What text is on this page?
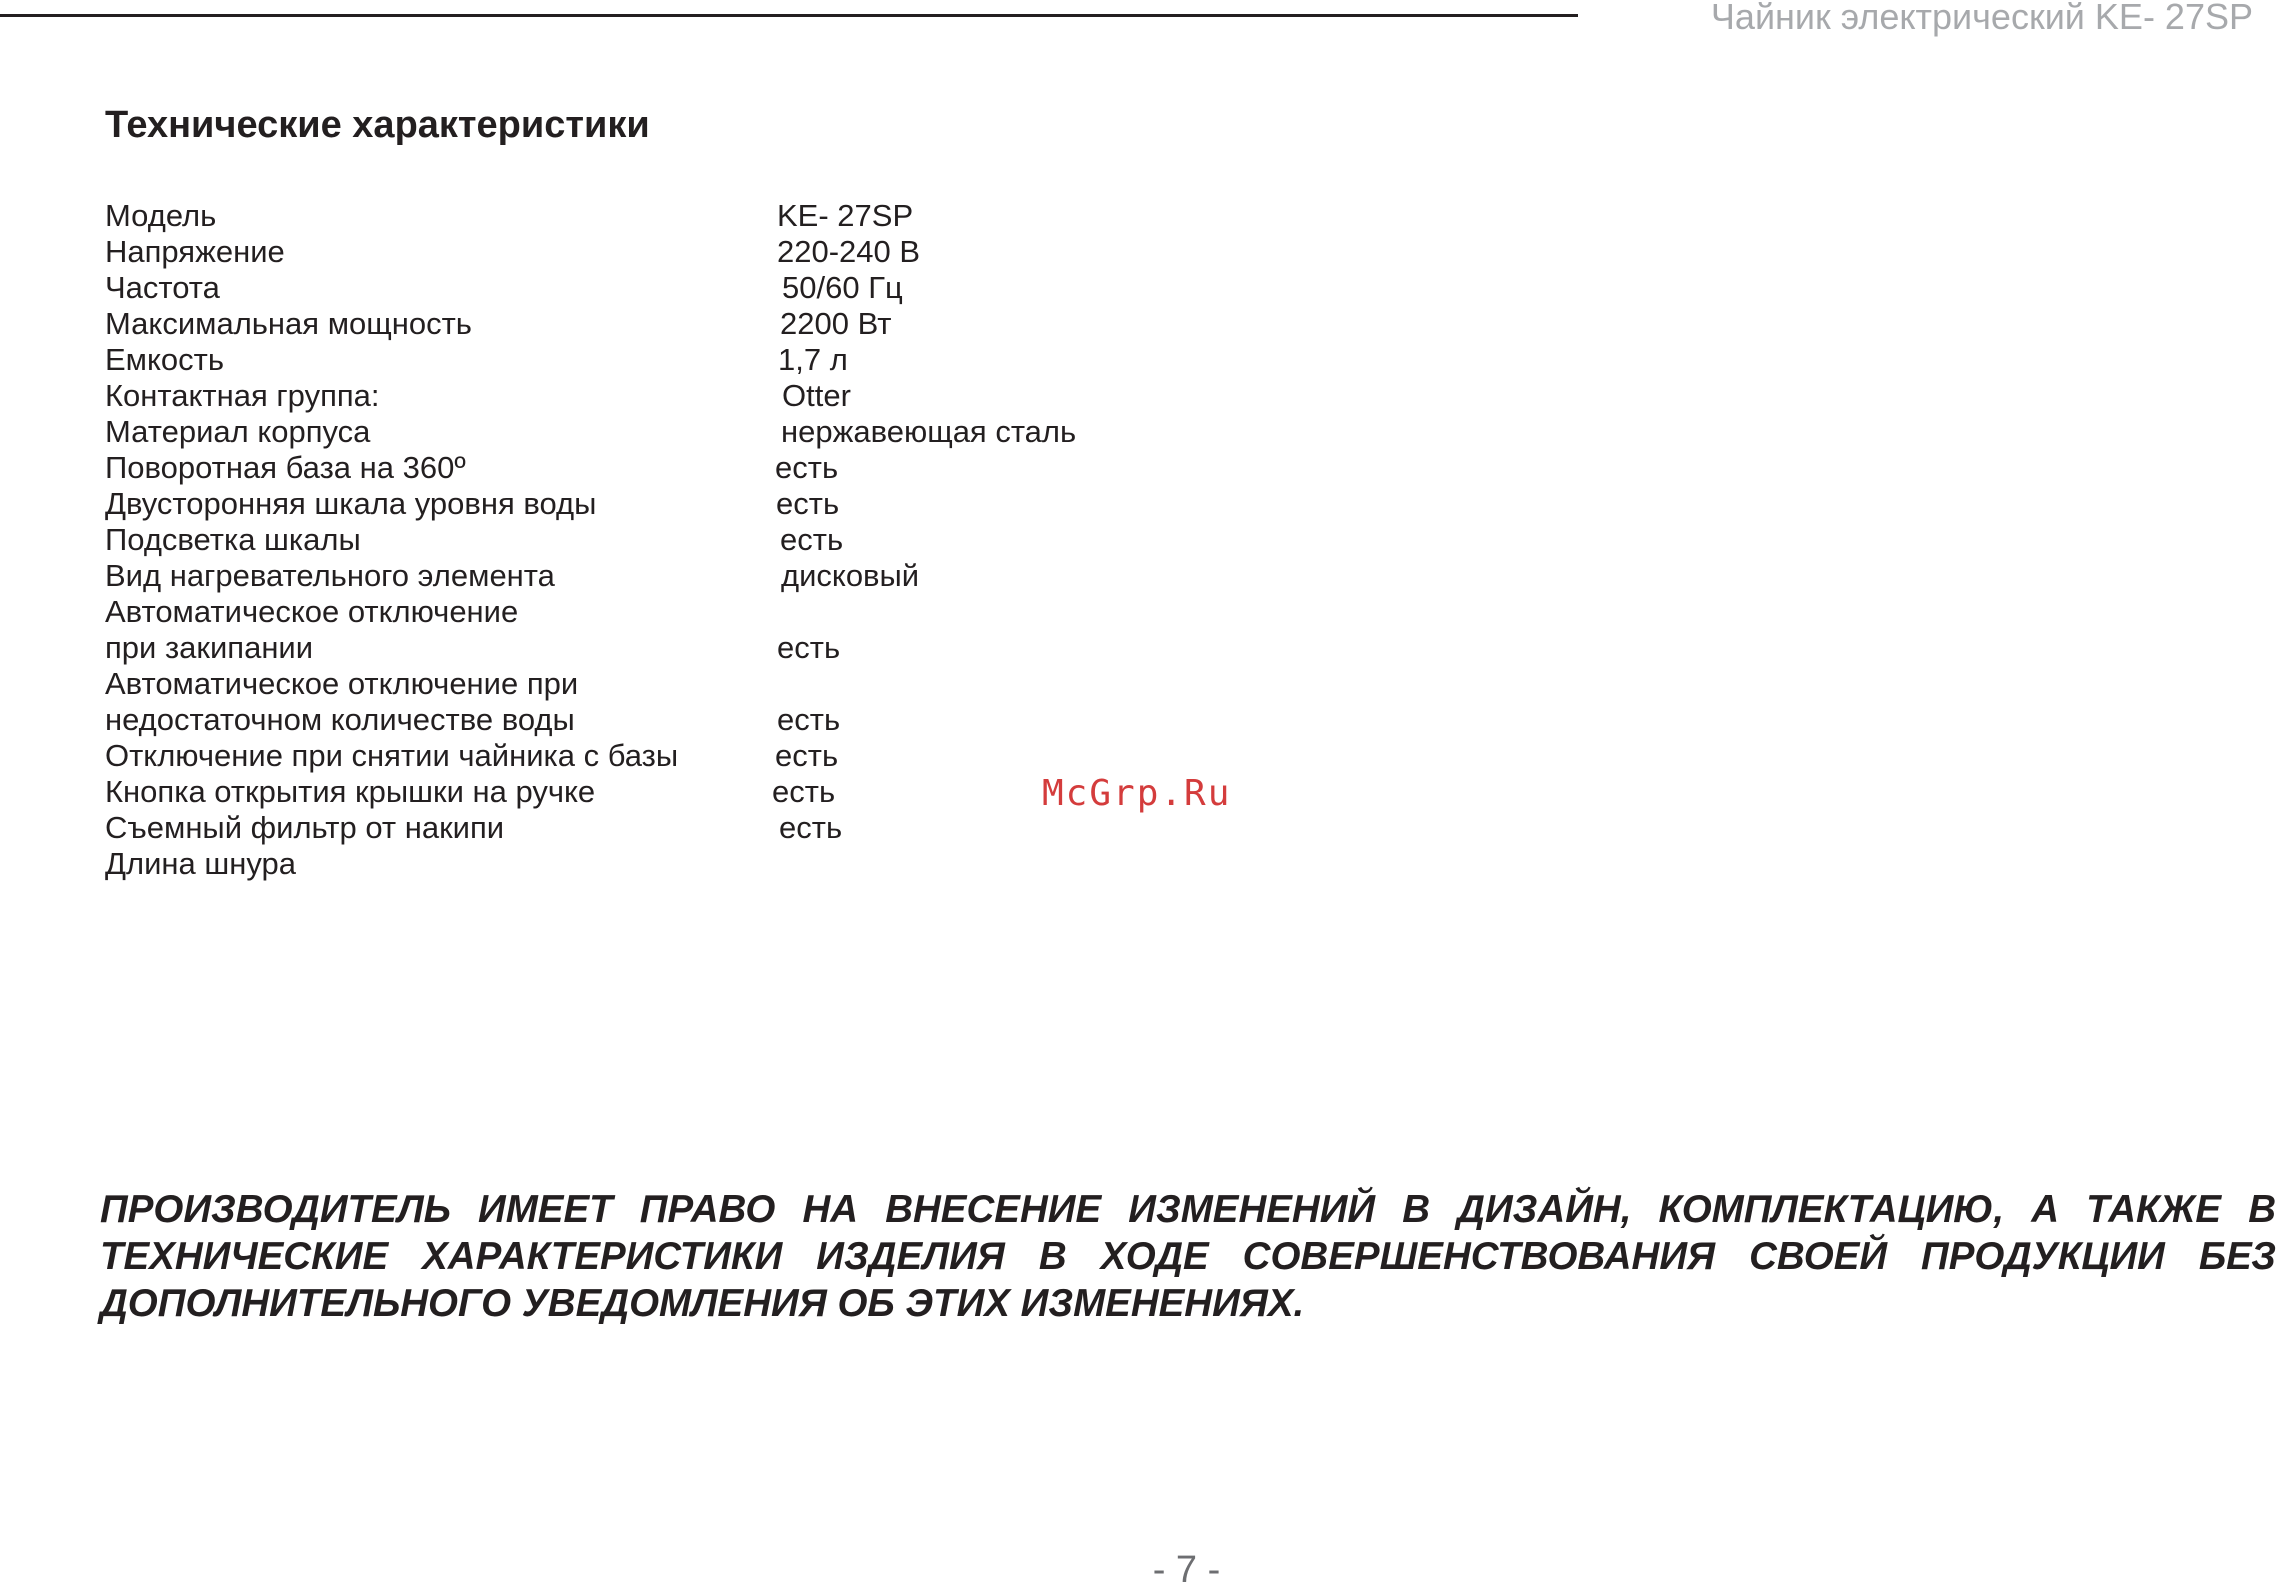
Чайник электрический KE- 27SP
Технические характеристики
Модель	KE- 27SP
Напряжение	220-240 В
Частота	50/60 Гц
Максимальная мощность	2200 Вт
Емкость	1,7 л
Контактная группа:	Otter
Материал корпуса	нержавеющая сталь
Поворотная база на 360º	есть
Двусторонняя шкала уровня воды	есть
Подсветка шкалы	есть
Вид нагревательного элемента	дисковый
Автоматическое отключение
при закипании	есть
Автоматическое отключение при
недостаточном количестве воды	есть
Отключение при снятии чайника с базы	есть
Кнопка открытия крышки на ручке	есть
Съемный фильтр от накипи	есть
Длина шнура
McGrp.Ru
ПРОИЗВОДИТЕЛЬ ИМЕЕТ ПРАВО НА ВНЕСЕНИЕ ИЗМЕНЕНИЙ В ДИЗАЙН, КОМПЛЕКТАЦИЮ, А ТАКЖЕ В ТЕХНИЧЕСКИЕ ХАРАКТЕРИСТИКИ ИЗДЕЛИЯ В ХОДЕ СОВЕРШЕНСТВОВАНИЯ СВОЕЙ ПРОДУКЦИИ БЕЗ ДОПОЛНИТЕЛЬНОГО УВЕДОМЛЕНИЯ ОБ ЭТИХ ИЗМЕНЕНИЯХ.
- 7 -
